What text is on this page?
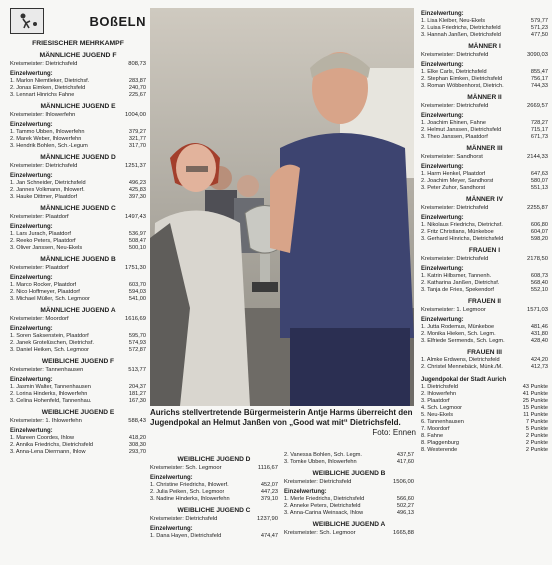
BOßELN
FRIESISCHER MEHRKAMPF
MÄNNLICHE JUGEND F
Kreismeister: Dietrichsfeld	808,73
Einzelwertung:
1. Marlon Niemtleker, Dietrichsf.	283,87
2. Jonas Eimken, Dietrichsfeld	240,70
3. Lennart Hinrichs Fahne	225,67
MÄNNLICHE JUGEND E
Kreismeister: Ihlowerfehn	1004,00
Einzelwertung:
1. Tammo Ubben, Ihlowerfehn	379,27
2. Marek Weber, Ihlowerfehn	321,77
3. Hendrik Bohlen, Sch.-Legum	317,70
MÄNNLICHE JUGEND D
Kreismeister: Dietrichsfeld	1251,37
Einzelwertung:
1. Jan Schneider, Dietrichsfeld	496,23
2. Jannes Volkmann, Ihlowerf.	425,83
3. Hauke Dittmer, Plaatdorf	397,30
MÄNNLICHE JUGEND C
Kreismeister: Plaatdorf	1497,43
Einzelwertung:
1. Lars Jurach, Plaatdorf	536,97
2. Reeko Peters, Plaatdorf	508,47
3. Oliver Janssen, Neu-Ekels	500,10
MÄNNLICHE JUGEND B
Kreismeister: Plaatdorf	1751,30
Einzelwertung:
1. Marco Rocker, Plaatdorf	603,70
2. Nico Hoffmeyer, Plaatdorf	594,03
3. Michael Müller, Sch. Legmoor	541,00
MÄNNLICHE JUGEND A
Kreismeister: Moordorf	1616,69
Einzelwertung:
1. Soren Saksenstein, Plaatdorf	595,70
2. Janek Grotelüschen, Dietrichsf.	574,93
3. Daniel Heiken, Sch. Legmoor	572,87
WEIBLICHE JUGEND F
Kreismeister: Tannenhausen	513,77
Einzelwertung:
1. Jasmin Walter, Tannenhausen	204,37
2. Lorina Hinderks, Ihlowerfehn	181,27
3. Celina Hohenfeld, Tannenhau.	167,30
WEIBLICHE JUGEND E
Kreismeister: 1. Ihlowerfehn	588,43
Einzelwertung:
1. Mareen Coordes, Ihlow	418,20
2. Annika Friedrichs, Dietrichsfeld	308,30
3. Anna-Lena Dierrnann, Ihlow	293,70
Aurichs stellvertretende Bürgermeisterin Antje Harms überreicht den Jugendpokal an Helmut Janßen von „Good wat mit“ Dietrichsfeld.
Foto: Ennen
WEIBLICHE JUGEND D
Kreismeister: Sch. Legmoor	1116,67
Einzelwertung:
1. Christine Friedrichs, Ihlowerf.	452,07
2. Julia Peiken, Sch. Legmoor	447,23
3. Nadine Hinderks, Ihlowerfehn	379,10
WEIBLICHE JUGEND C
Kreismeister: Dietrichsfeld	1237,90
Einzelwertung:
1. Dana Hayen, Dietrichsfeld	474,47
2. Vanessa Bohlen, Sch. Legm.	437,57
3. Tomke Ubben, Ihlowerfehn	417,60
WEIBLICHE JUGEND B
Kreismeister: Dietrichsfeld	1506,00
Einzelwertung:
1. Merle Friedrichs, Dietrichsfeld	566,60
2. Anneke Peters, Dietrichsfeld	502,27
3. Anna-Carina Weinsack, Ihlow	496,13
WEIBLICHE JUGEND A
Kreismeister: Sch. Legmoor	1665,88
Einzelwertung:
1. Lisa Kleiber, Neu-Ekels	579,77
2. Luisa Friedrichs, Dietrichsfeld	571,23
3. Hannah Janßen, Dietrichsfeld	477,50
MÄNNER I
Kreismeister: Dietrichsfeld	3090,03
Einzelwertung:
1. Elke Carls, Dietrichsfeld	855,47
2. Stephan Eimken, Dietrichsfeld	756,17
3. Roman Wöbbenhorst, Dietrich.	744,33
MÄNNER II
Kreismeister: Dietrichsfeld	2669,57
Einzelwertung:
1. Joachim Ehinen, Fahne	728,27
2. Helmut Janssen, Dietrichsfeld	715,17
3. Theo Janssen, Plaatdorf	671,73
MÄNNER III
Kreismeister: Sandhorst	2144,33
Einzelwertung:
1. Harm Henkel, Plaatdorf	647,63
2. Joachim Meyer, Sandhorst	580,07
3. Peter Zuhor, Sandhorst	551,13
MÄNNER IV
Kreismeister: Dietrichsfeld	2255,87
Einzelwertung:
1. Nikolaus Friedrichs, Dietrichsf.	606,80
2. Fritz Christians, Münkeboe	604,07
3. Gerhard Hinrichs, Dietrichsfeld	598,20
FRAUEN I
Kreismeister: Dietrichsfeld	2178,50
Einzelwertung:
1. Katrin Hilbsmer, Tannenh.	608,73
2. Katharina Janßen, Dietrichsf.	568,40
3. Tanja de Fries, Spekendorf	552,10
FRAUEN II
Kreismeister: 1. Legmoor	1571,03
Einzelwertung:
1. Jutta Rodemus, Münkeboe	481,46
2. Monika Hieken, Sch. Legm.	431,80
3. Elfriede Sermends, Sch. Legm.	428,40
FRAUEN III
1. Almke Erdwens, Dietrichsfeld	424,20
2. Christel Mennebäck, Münk./M.	412,73
Jugendpokal der Stadt Aurich
1. Dietrichsfeld	43 Punkte
2. Ihlowerfehn	41 Punkte
3. Plaatdorf	25 Punkte
4. Sch. Legmoor	15 Punkte
5. Neu-Ekels	11 Punkte
6. Tannenhausen	7 Punkte
7. Moordorf	5 Punkte
8. Fahne	2 Punkte
8. Plaggenburg	2 Punkte
8. Westerende	2 Punkte
